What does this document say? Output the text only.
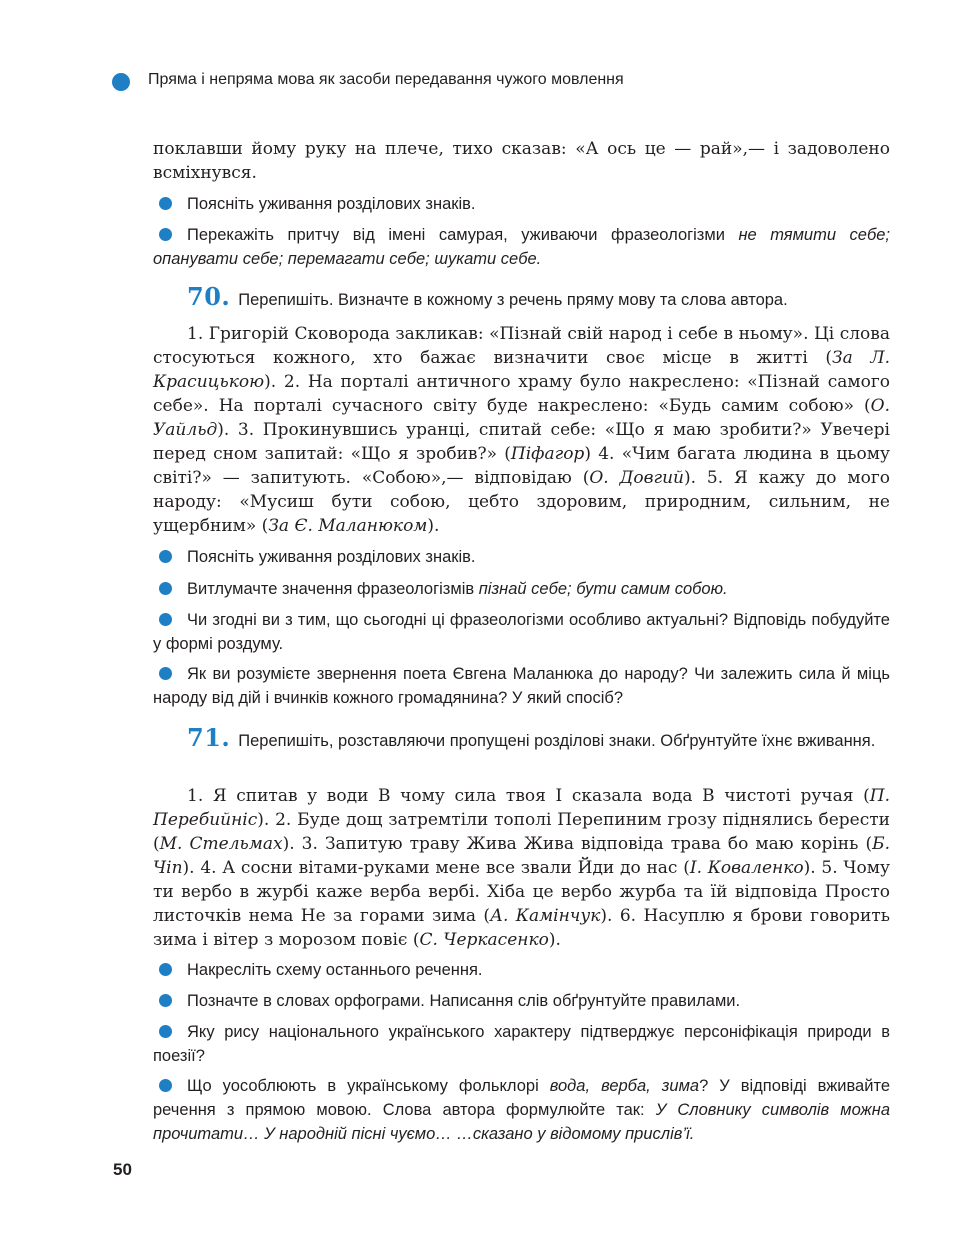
Пряма і непряма мова як засоби передавання чужого мовлення
поклавши йому руку на плече, тихо сказав: «А ось це — рай»,— і задоволено всміхнувся.
Поясніть уживання розділових знаків.
Перекажіть притчу від імені самурая, уживаючи фразеологізми не тямити себе; опанувати себе; перемагати себе; шукати себе.
70. Перепишіть. Визначте в кожному з речень пряму мову та слова автора.
1. Григорій Сковорода закликав: «Пізнай свій народ і себе в ньому». Ці слова стосуються кожного, хто бажає визначити своє місце в житті (За Л. Красицькою). 2. На порталі античного храму було накреслено: «Пізнай самого себе». На порталі сучасного світу буде накреслено: «Будь самим собою» (О. Уайльд). 3. Прокинувшись уранці, спитай себе: «Що я маю зробити?» Увечері перед сном запитай: «Що я зробив?» (Піфагор) 4. «Чим багата людина в цьому світі?» — запитують. «Собою»,— відповідаю (О. Довгий). 5. Я кажу до мого народу: «Мусиш бути собою, цебто здоровим, природним, сильним, не ущербним» (За Є. Маланюком).
Поясніть уживання розділових знаків.
Витлумачте значення фразеологізмів пізнай себе; бути самим собою.
Чи згодні ви з тим, що сьогодні ці фразеологізми особливо актуальні? Відповідь побудуйте у формі роздуму.
Як ви розумієте звернення поета Євгена Маланюка до народу? Чи залежить сила й міць народу від дій і вчинків кожного громадянина? У який спосіб?
71. Перепишіть, розставляючи пропущені розділові знаки. Обґрунтуйте їхнє вживання.
1. Я спитав у води В чому сила твоя І сказала вода В чистоті ручая (П. Перебийніс). 2. Буде дощ затремтіли тополі Перепиним грозу піднялись берести (М. Стельмах). 3. Запитую траву Жива Жива відповіда трава бо маю корінь (Б. Чіп). 4. А сосни вітами-руками мене все звали Йди до нас (І. Коваленко). 5. Чому ти вербо в журбі каже верба вербі. Хіба це вербо журба та їй відповіда Просто листочків нема Не за горами зима (А. Камінчук). 6. Насуплю я брови говорить зима і вітер з морозом повіє (С. Черкасенко).
Накресліть схему останнього речення.
Позначте в словах орфограми. Написання слів обґрунтуйте правилами.
Яку рису національного українського характеру підтверджує персоніфікація природи в поезії?
Що уособлюють в українському фольклорі вода, верба, зима? У відповіді вживайте речення з прямою мовою. Слова автора формулюйте так: У Словнику символів можна прочитати… У народній пісні чуємо… …сказано у відомому прислів’ї.
50
